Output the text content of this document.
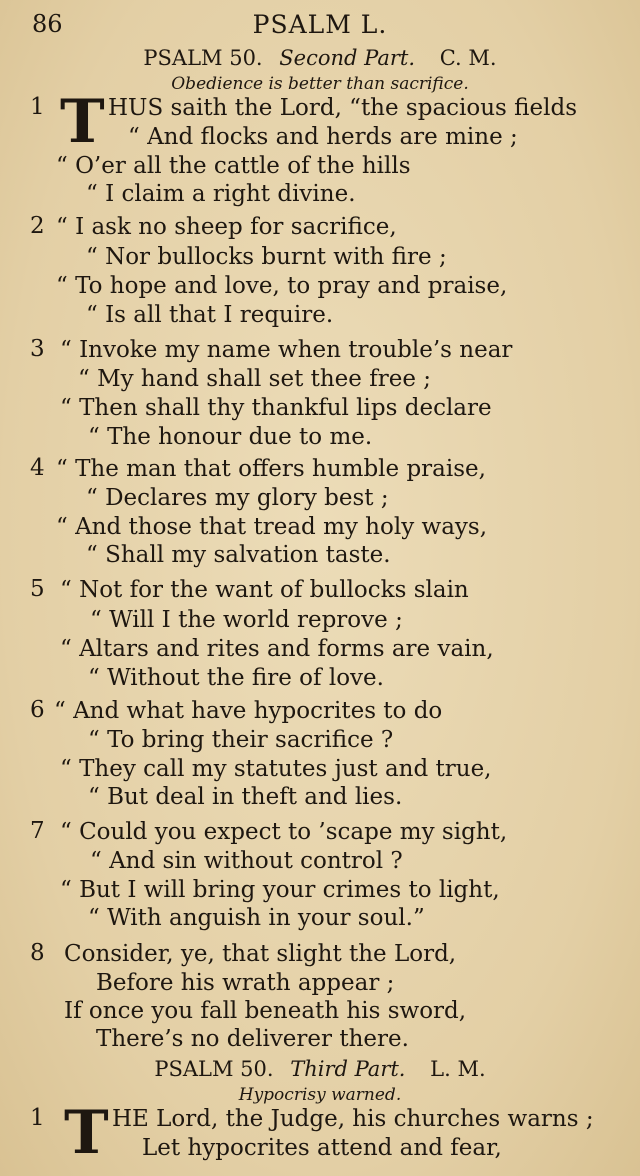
86	PSALM L.
PSALM 50. Second Part. C. M.
Obedience is better than sacrifice.
1 T HUS saith the Lord, “the spacious fields
“ And flocks and herds are mine ;
“ O’er all the cattle of the hills
“ I claim a right divine.
2 “ I ask no sheep for sacrifice,
“ Nor bullocks burnt with fire ;
“ To hope and love, to pray and praise,
“ Is all that I require.
3 “ Invoke my name when trouble’s near
“ My hand shall set thee free ;
“ Then shall thy thankful lips declare
“ The honour due to me.
4 “ The man that offers humble praise,
“ Declares my glory best ;
“ And those that tread my holy ways,
“ Shall my salvation taste.
5 “ Not for the want of bullocks slain
“ Will I the world reprove ;
“ Altars and rites and forms are vain,
“ Without the fire of love.
6 “ And what have hypocrites to do
“ To bring their sacrifice ?
“ They call my statutes just and true,
“ But deal in theft and lies.
7 “ Could you expect to ’scape my sight,
“ And sin without control ?
“ But I will bring your crimes to light,
“ With anguish in your soul.”
8 Consider, ye, that slight the Lord,
Before his wrath appear ;
If once you fall beneath his sword,
There’s no deliverer there.
PSALM 50. Third Part. L. M.
Hypocrisy warned.
1 T HE Lord, the Judge, his churches warns ;
Let hypocrites attend and fear,
